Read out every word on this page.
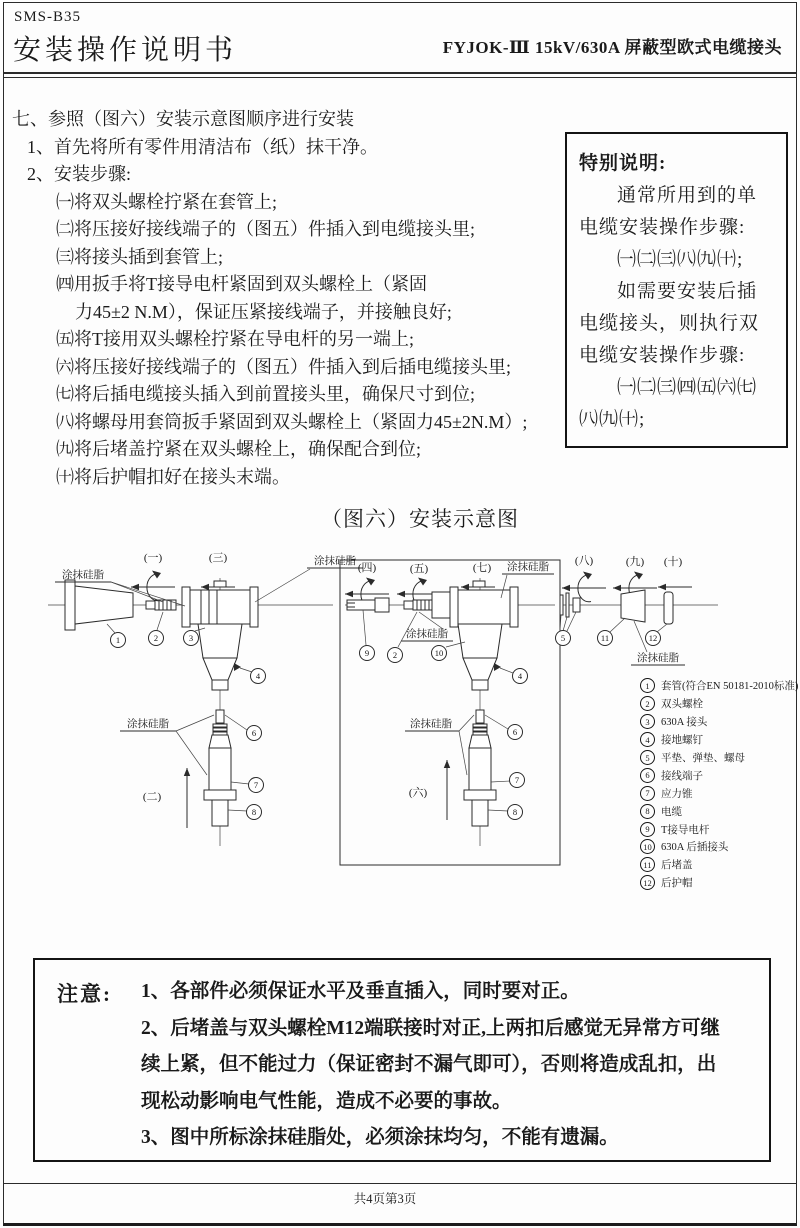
SMS-B35
安装操作说明书	FYJOK-Ⅲ 15kV/630A 屏蔽型欧式电缆接头
七、参照（图六）安装示意图顺序进行安装
1、首先将所有零件用清洁布（纸）抹干净。
2、安装步骤:
㈠将双头螺栓拧紧在套管上;
㈡将压接好接线端子的（图五）件插入到电缆接头里;
㈢将接头插到套管上;
㈣用扳手将T接导电杆紧固到双头螺栓上（紧固
力45±2 N.M），保证压紧接线端子，并接触良好;
㈤将T接用双头螺栓拧紧在导电杆的另一端上;
㈥将压接好接线端子的（图五）件插入到后插电缆接头里;
㈦将后插电缆接头插入到前置接头里，确保尺寸到位;
㈧将螺母用套筒扳手紧固到双头螺栓上（紧固力45±2N.M）;
㈨将后堵盖拧紧在双头螺栓上，确保配合到位;
㈩将后护帽扣好在接头末端。
特别说明:

通常所用到的单电缆安装操作步骤:

㈠㈡㈢㈧㈨㈩;

如需要安装后插电缆接头，则执行双电缆安装操作步骤:

㈠㈡㈢㈣㈤㈥㈦㈧㈨㈩;

（图六）安装示意图
(一)	(三)
(二)
涂抹硅脂
涂抹硅脂
涂抹硅脂
1	2	3
4
6
7
8
(四)	(五)	(七) 涂抹硅脂
涂抹硅脂
涂抹硅脂
(六)
9	2	10
4
6
7
8
(八)	(九) (十)
5	11	12
涂抹硅脂
1	套管(符合EN 50181-2010标准)
2	双头螺栓
3	630A 接头
4	接地螺钉
5	平垫、弹垫、螺母
6	接线端子
7	应力锥
8	电缆
9	T接导电杆
10 630A 后插接头
11 后堵盖
12 后护帽
注意:	1、各部件必须保证水平及垂直插入，同时要对正。
2、后堵盖与双头螺栓M12端联接时对正,上两扣后感觉无异常方可继续上紧，但不能过力（保证密封不漏气即可），否则将造成乱扣，出现松动影响电气性能，造成不必要的事故。
3、图中所标涂抹硅脂处，必须涂抹均匀，不能有遗漏。
共4页第3页
